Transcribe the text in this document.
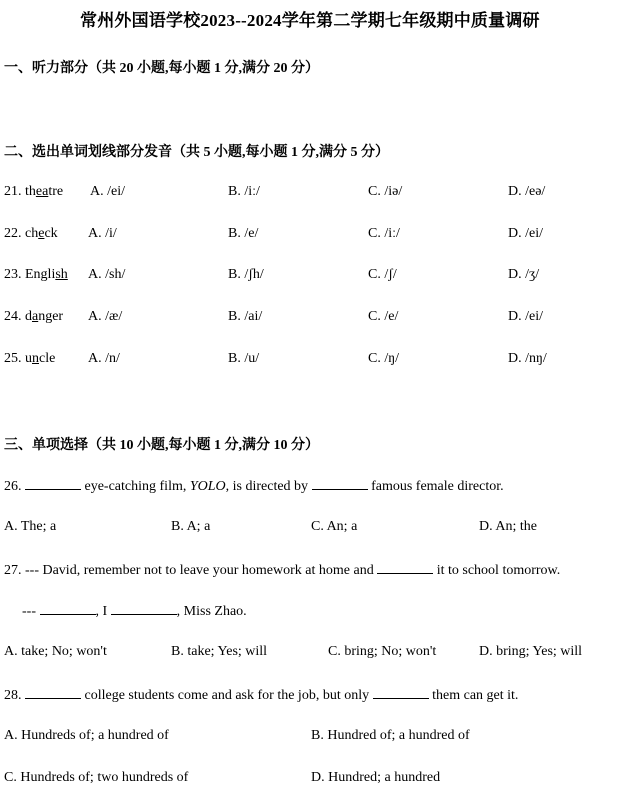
常州外国语学校2023--2024学年第二学期七年级期中质量调研
一、听力部分（共 20 小题,每小题 1 分,满分 20 分）
二、选出单词划线部分发音（共 5 小题,每小题 1 分,满分 5 分）
21. theatre A. /ei/	B. /iː/	C. /iə/	D. /eə/
22. check A. /i/	B. /e/	C. /iː/	D. /ei/
23. English A. /sh/	B. /ʃh/	C. /ʃ/	D. /ʒ/
24. danger A. /æ/	B. /ai/	C. /e/	D. /ei/
25. uncle A. /n/	B. /u/	C. /ŋ/	D. /nŋ/
三、单项选择（共 10 小题,每小题 1 分,满分 10 分）
26.	eye-catching film, YOLO, is directed by	famous female director.
A. The; a	B. A; a	C. An; a	D. An; the
27. --- David, remember not to leave your homework at home and	it to school tomorrow.
---	, I	, Miss Zhao.
A. take; No; won't	B. take; Yes; will	C. bring; No; won't	D. bring; Yes; will
28.	college students come and ask for the job, but only	them can get it.
A. Hundreds of; a hundred of	B. Hundred of; a hundred of
C. Hundreds of; two hundreds of	D. Hundred; a hundred
